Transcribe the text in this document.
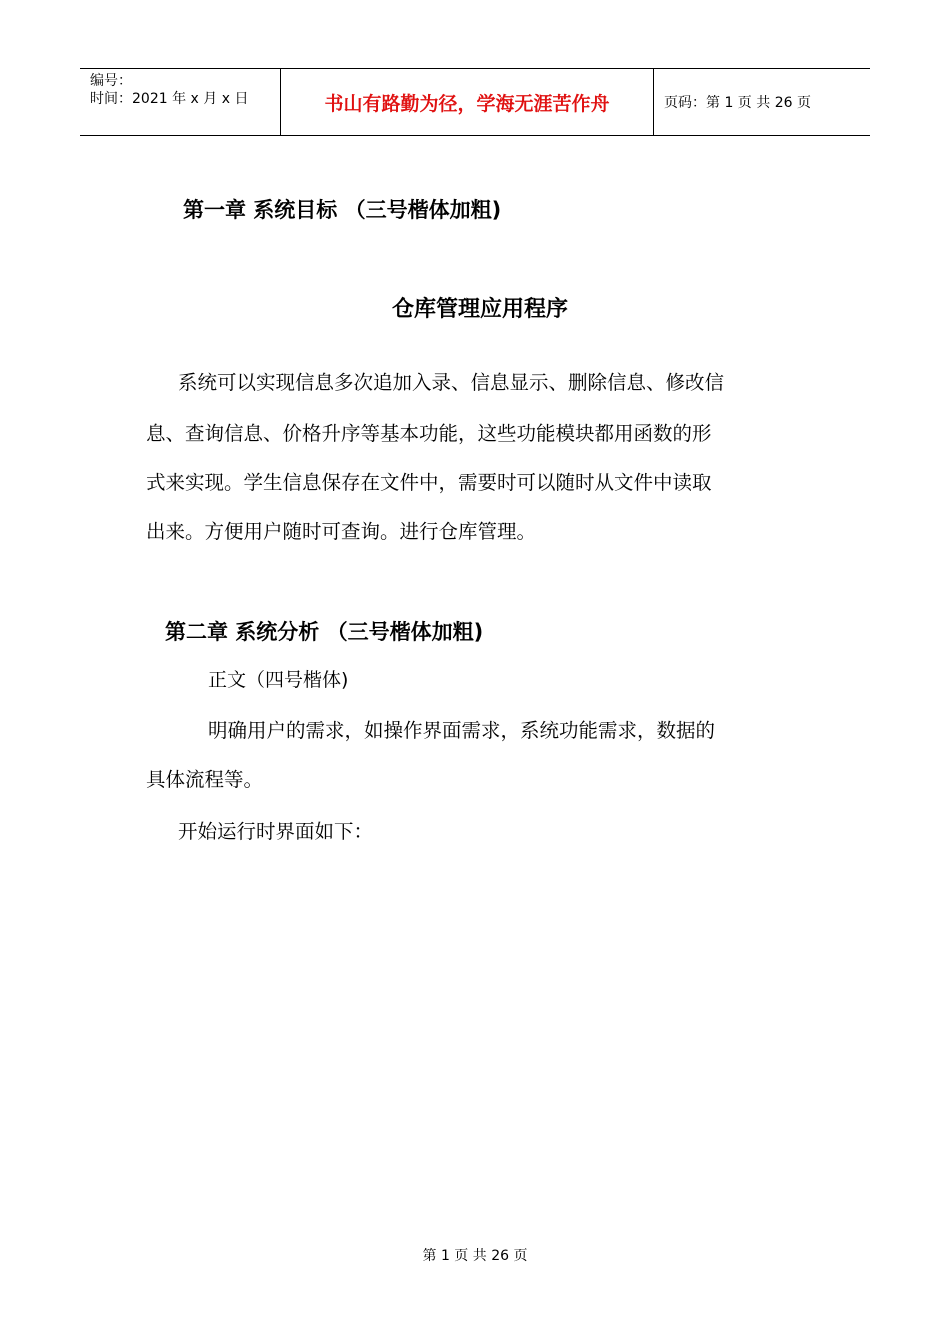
编号：
时间：2021 年 x 月 x 日	书山有路勤为径，学海无涯苦作舟	页码：第 1 页 共 26 页
第一章 系统目标 （三号楷体加粗)
仓库管理应用程序
系统可以实现信息多次追加入录、信息显示、删除信息、修改信
息、查询信息、价格升序等基本功能，这些功能模块都用函数的形
式来实现。学生信息保存在文件中，需要时可以随时从文件中读取
出来。方便用户随时可查询。进行仓库管理。
第二章 系统分析 （三号楷体加粗)
正文（四号楷体)
明确用户的需求，如操作界面需求，系统功能需求，数据的
具体流程等。
开始运行时界面如下：
第 1 页 共 26 页
